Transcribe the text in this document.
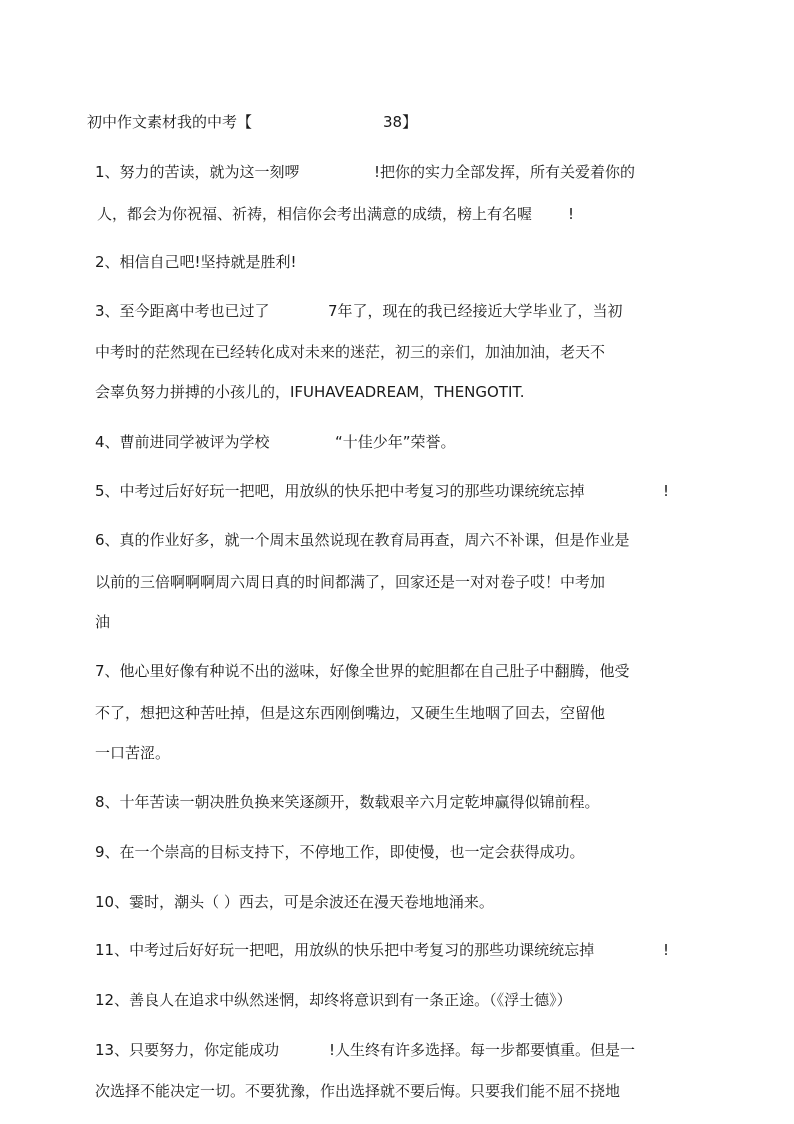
初中作文素材我的中考【	38】
1、努力的苦读，就为这一刻啰	!把你的实力全部发挥，所有关爱着你的
人，都会为你祝福、祈祷，相信你会考出满意的成绩，榜上有名喔 !
2、相信自己吧!坚持就是胜利!
3、至今距离中考也已过了	7年了，现在的我已经接近大学毕业了，当初
中考时的茫然现在已经转化成对未来的迷茫，初三的亲们，加油加油，老天不
会辜负努力拼搏的小孩儿的，IFUHAVEADREAM，THENGOTIT.
4、曹前进同学被评为学校	“十佳少年”荣誉。
5、中考过后好好玩一把吧，用放纵的快乐把中考复习的那些功课统统忘掉	!
6、真的作业好多，就一个周末虽然说现在教育局再查，周六不补课，但是作业是
以前的三倍啊啊啊周六周日真的时间都满了，回家还是一对对卷子哎！中考加
油
7、他心里好像有种说不出的滋味，好像全世界的蛇胆都在自己肚子中翻腾，他受
不了，想把这种苦吐掉，但是这东西刚倒嘴边，又硬生生地咽了回去，空留他
一口苦涩。
8、十年苦读一朝决胜负换来笑逐颜开，数载艰辛六月定乾坤赢得似锦前程。
9、在一个崇高的目标支持下，不停地工作，即使慢，也一定会获得成功。
10、霎时，潮头（ ）西去，可是余波还在漫天卷地地涌来。
11、中考过后好好玩一把吧，用放纵的快乐把中考复习的那些功课统统忘掉	!
12、善良人在追求中纵然迷惘，却终将意识到有一条正途。（《浮士德》）
13、只要努力，你定能成功	!人生终有许多选择。每一步都要慎重。但是一
次选择不能决定一切。不要犹豫，作出选择就不要后悔。只要我们能不屈不挠地
